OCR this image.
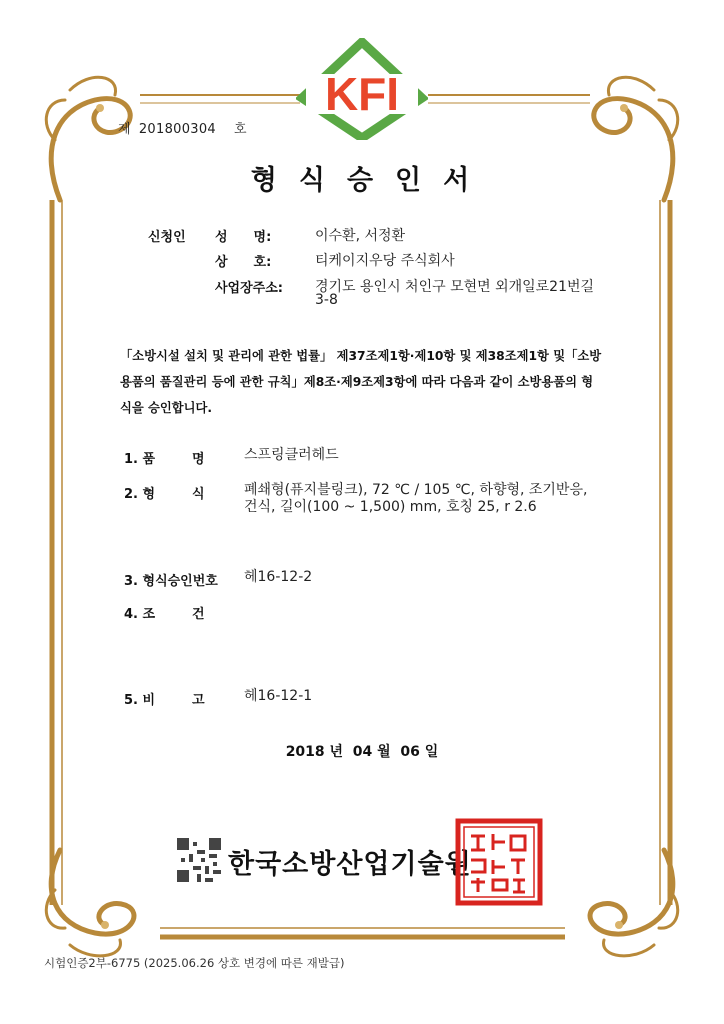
KFI
제 201800304 호
형식승인서
신청인 성　　명:	이수환, 서정환
상　　호:	티케이지우당 주식회사
사업장주소: 경기도 용인시 처인구 모현면 외개일로21번길
3-8
「소방시설 설치 및 관리에 관한 법률」 제37조제1항·제10항 및 제38조제1항 및「소방
용품의 품질관리 등에 관한 규칙」제8조·제9조제3항에 따라 다음과 같이 소방용품의 형
식을 승인합니다.
1. 품	명	스프링클러헤드
2. 형	식	폐쇄형(퓨지블링크), 72 ℃ / 105 ℃, 하향형, 조기반응,
건식, 길이(100 ~ 1,500) mm, 호칭 25, r 2.6
3. 형식승인번호 헤16-12-2
4. 조	건
5. 비	고	헤16-12-1
2018 년  04 월  06 일
한국소방산업기술원
시험인증2부-6775 (2025.06.26 상호 변경에 따른 재발급)
